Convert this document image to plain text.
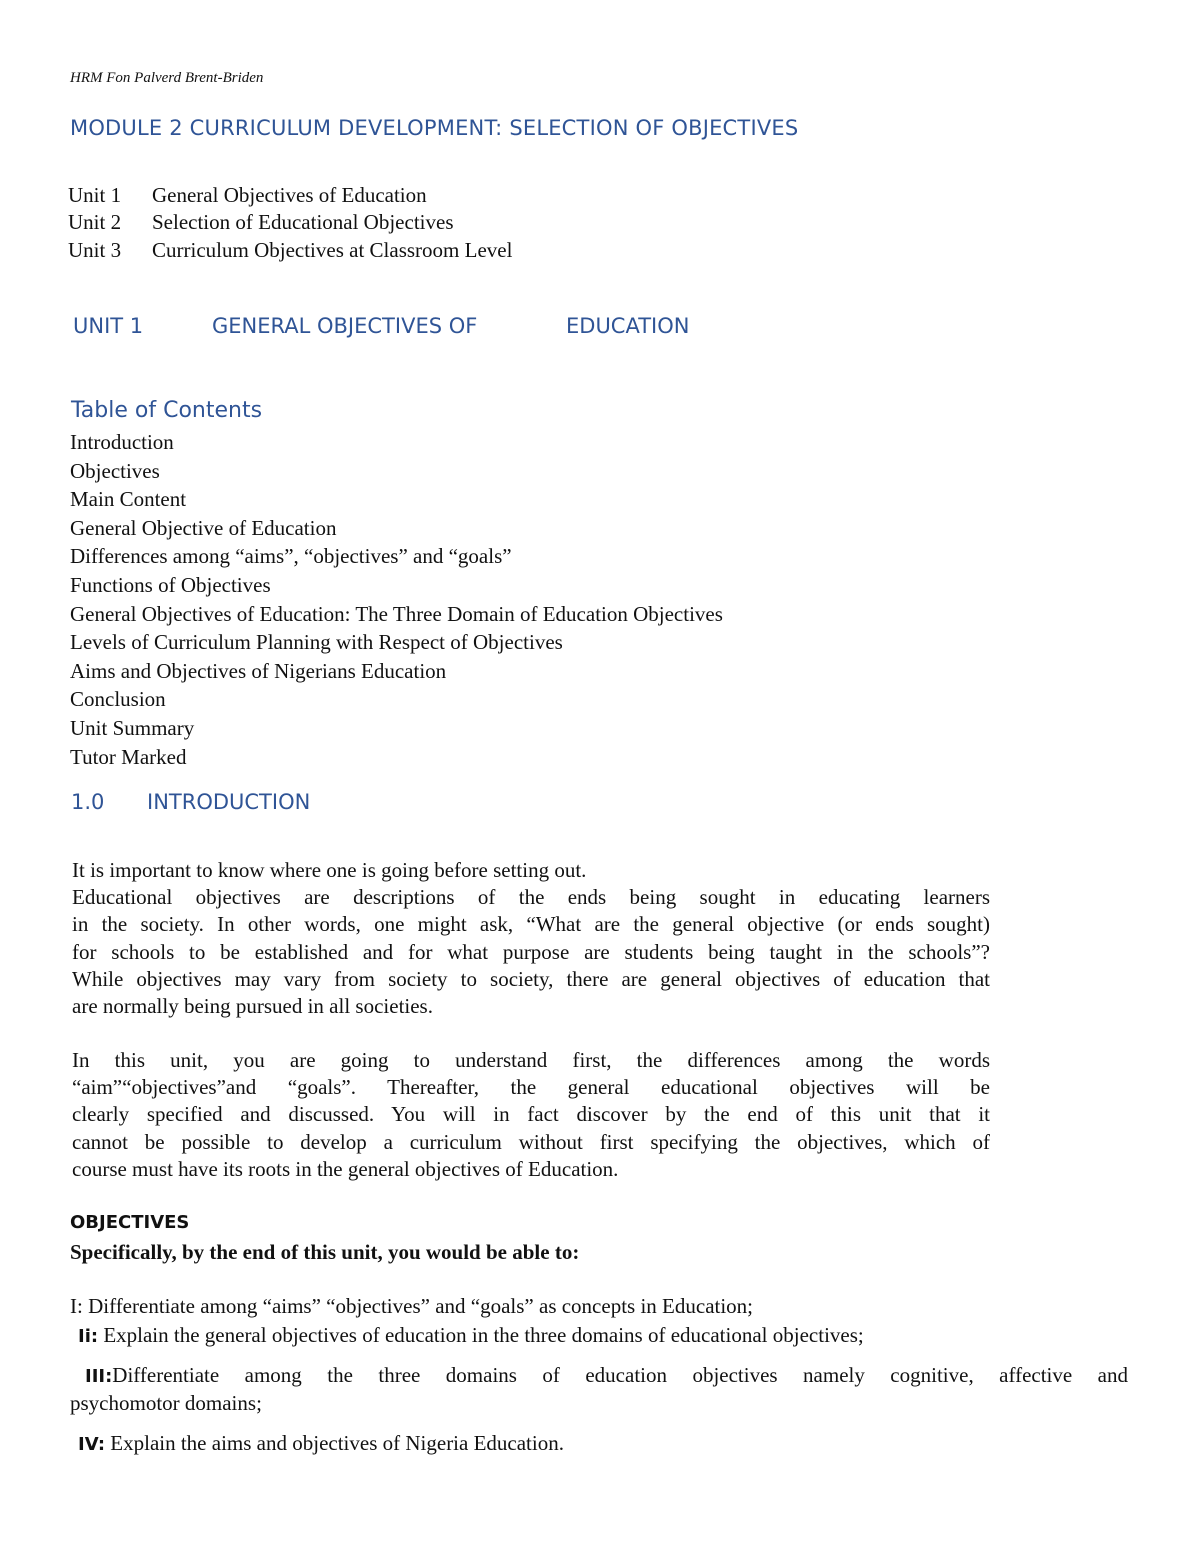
HRM Fon Palverd Brent-Briden
MODULE 2 CURRICULUM DEVELOPMENT: SELECTION OF OBJECTIVES
Unit 1 General Objectives of Education
Unit 2 Selection of Educational Objectives
Unit 3 Curriculum Objectives at Classroom Level
UNIT 1	GENERAL OBJECTIVES OF	EDUCATION
Table of Contents
Introduction
Objectives
Main Content
General Objective of Education
Differences among “aims”, “objectives” and “goals”
Functions of Objectives
General Objectives of Education: The Three Domain of Education Objectives
Levels of Curriculum Planning with Respect of Objectives
Aims and Objectives of Nigerians Education
Conclusion
Unit Summary
Tutor Marked
1.0 INTRODUCTION
It is important to know where one is going before setting out.
Educational objectives are descriptions of the ends being sought in educating learners
in the society. In other words, one might ask, “What are the general objective (or ends sought)
for schools to be established and for what purpose are students being taught in the schools”?
While objectives may vary from society to society, there are general objectives of education that
are normally being pursued in all societies.
In this unit, you are going to understand first, the differences among the words
“aim”“objectives”and “goals”. Thereafter, the general educational objectives will be
clearly specified and discussed. You will in fact discover by the end of this unit that it
cannot be possible to develop a curriculum without first specifying the objectives, which of
course must have its roots in the general objectives of Education.
OBJECTIVES
Specifically, by the end of this unit, you would be able to:
I: Differentiate among “aims” “objectives” and “goals” as concepts in Education;
Ii: Explain the general objectives of education in the three domains of educational objectives;
III:Differentiate among the three domains of education objectives namely cognitive, affective and
psychomotor domains;
IV: Explain the aims and objectives of Nigeria Education.
